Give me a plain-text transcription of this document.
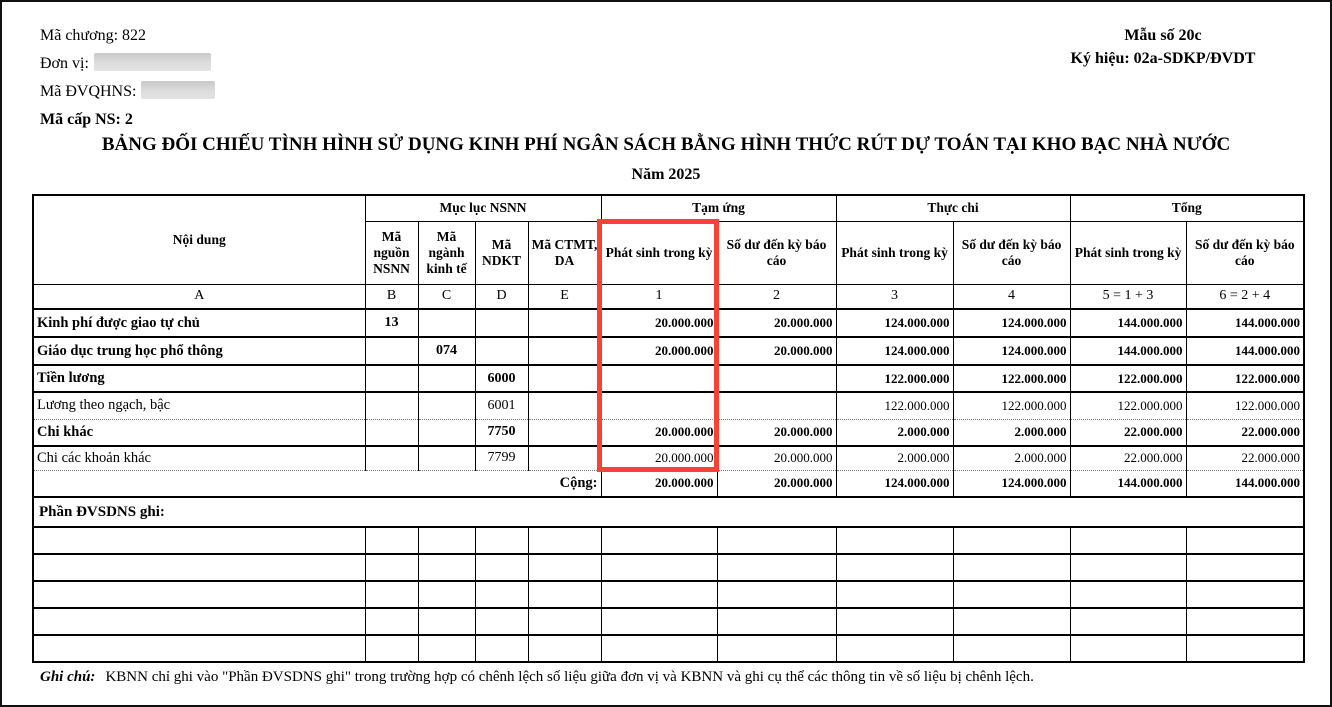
Mã chương: 822
Đơn vị:
Mã ĐVQHNS:
Mã cấp NS: 2
Mẫu số 20c
Ký hiệu: 02a-SDKP/ĐVDT
BẢNG ĐỐI CHIẾU TÌNH HÌNH SỬ DỤNG KINH PHÍ NGÂN SÁCH BẰNG HÌNH THỨC RÚT DỰ TOÁN TẠI KHO BẠC NHÀ NƯỚC
Năm 2025
Nội dung	Mục lục NSNN				Tạm ứng		Thực chi		Tổng	
	Mã nguồn NSNN	Mã ngành kinh tế	Mã NDKT	Mã CTMT, DA	Phát sinh trong kỳ	Số dư đến kỳ báo cáo	Phát sinh trong kỳ	Số dư đến kỳ báo cáo	Phát sinh trong kỳ	Số dư đến kỳ báo cáo
A	B	C	D	E	1	2	3	4	5 = 1 + 3	6 = 2 + 4
Kinh phí được giao tự chủ	13				20.000.000	20.000.000	124.000.000	124.000.000	144.000.000	144.000.000
Giáo dục trung học phổ thông		074			20.000.000	20.000.000	124.000.000	124.000.000	144.000.000	144.000.000
Tiền lương			6000				122.000.000	122.000.000	122.000.000	122.000.000
Lương theo ngạch, bậc			6001				122.000.000	122.000.000	122.000.000	122.000.000
Chi khác			7750		20.000.000	20.000.000	2.000.000	2.000.000	22.000.000	22.000.000
Chi các khoản khác			7799		20.000.000	20.000.000	2.000.000	2.000.000	22.000.000	22.000.000
Cộng:					20.000.000	20.000.000	124.000.000	124.000.000	144.000.000	144.000.000
Phần ĐVSDNS ghi:										

Ghi chú: KBNN chỉ ghi vào "Phần ĐVSDNS ghi" trong trường hợp có chênh lệch số liệu giữa đơn vị và KBNN và ghi cụ thể các thông tin về số liệu bị chênh lệch.
